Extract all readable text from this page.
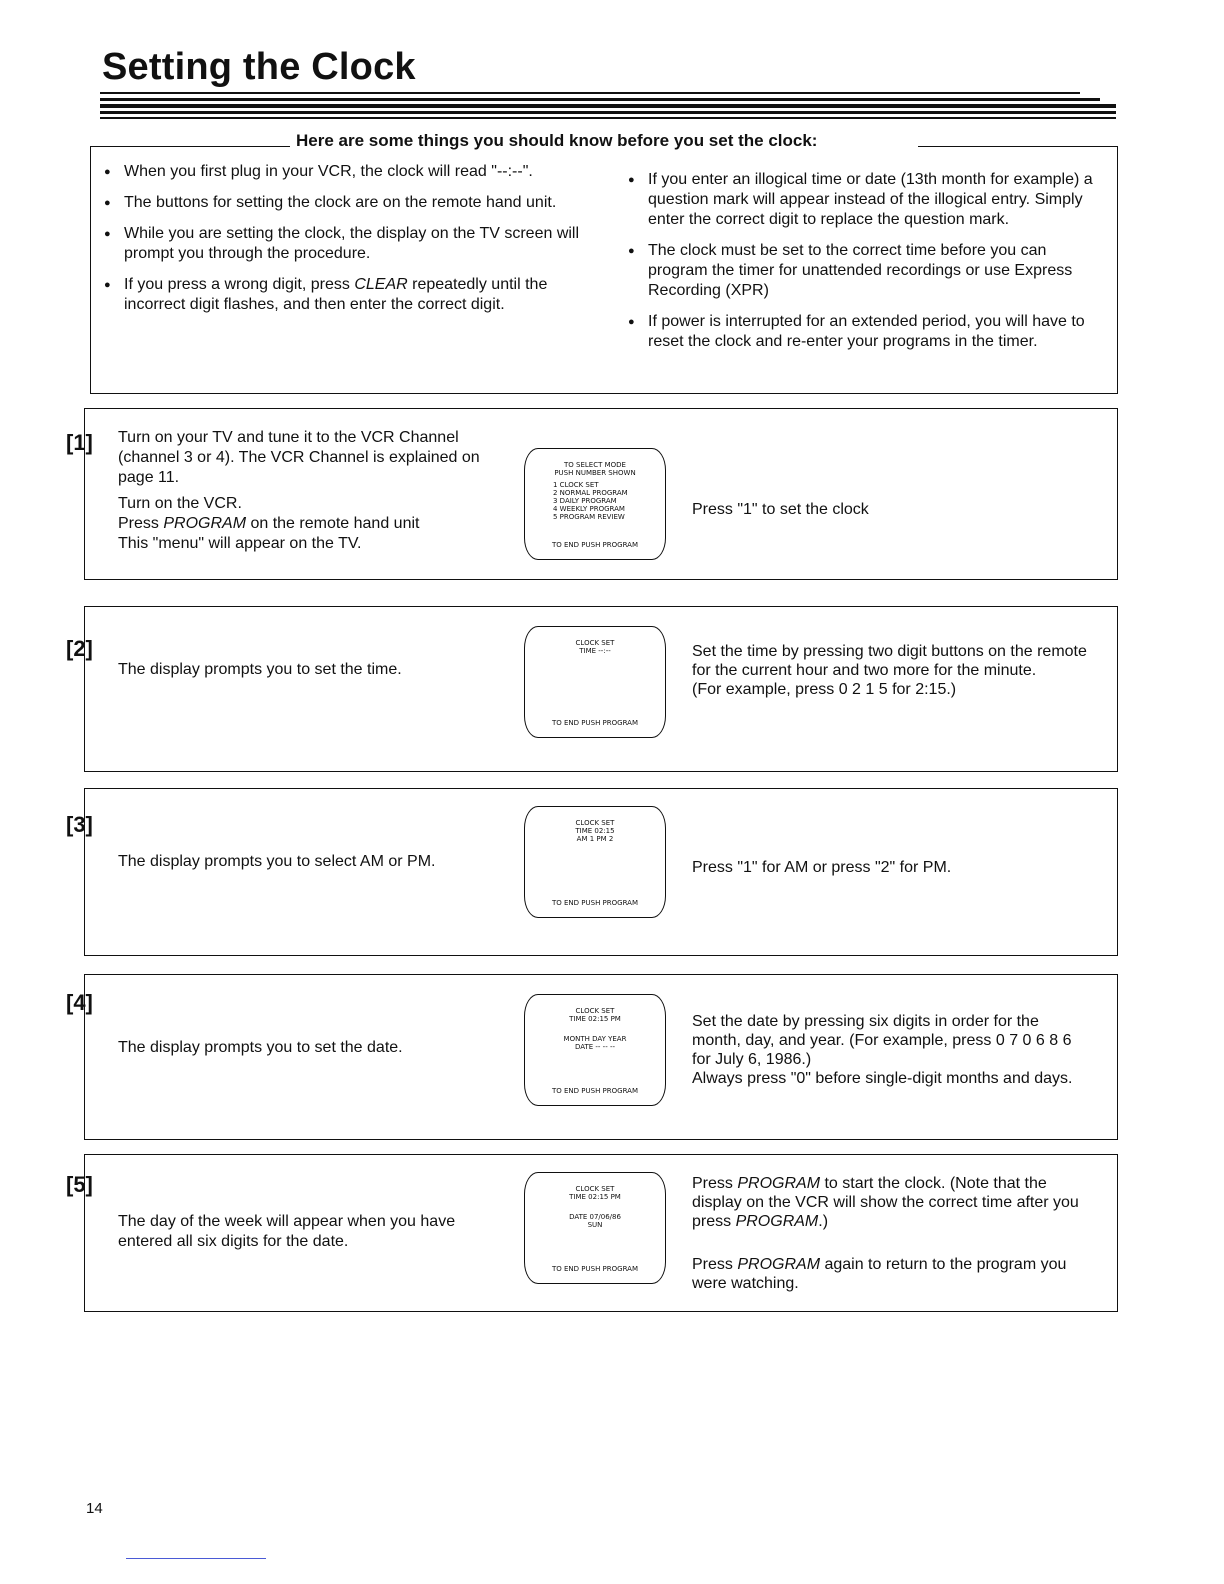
Setting the Clock
Here are some things you should know before you set the clock:
● When you first plug in your VCR, the clock will read "--:--".
● The buttons for setting the clock are on the remote hand unit.
● While you are setting the clock, the display on the TV screen will prompt you through the procedure.
● If you press a wrong digit, press CLEAR repeatedly until the incorrect digit flashes, and then enter the correct digit.
● If you enter an illogical time or date (13th month for example) a question mark will appear instead of the illogical entry. Simply enter the correct digit to replace the question mark.
● The clock must be set to the correct time before you can program the timer for unattended recordings or use Express Recording (XPR)
● If power is interrupted for an extended period, you will have to reset the clock and re-enter your programs in the timer.
[1] Turn on your TV and tune it to the VCR Channel (channel 3 or 4). The VCR Channel is explained on page 11.
Turn on the VCR.
Press PROGRAM on the remote hand unit
This "menu" will appear on the TV.
TO SELECT MODE
PUSH NUMBER SHOWN
1 CLOCK SET
2 NORMAL PROGRAM
3 DAILY PROGRAM
4 WEEKLY PROGRAM
5 PROGRAM REVIEW
TO END PUSH PROGRAM
Press "1" to set the clock
[2]
The display prompts you to set the time.
CLOCK SET
TIME --:--
TO END PUSH PROGRAM
Set the time by pressing two digit buttons on the remote for the current hour and two more for the minute.
(For example, press 0 2 1 5 for 2:15.)
[3]
The display prompts you to select AM or PM.
CLOCK SET
TIME 02:15
AM 1 PM 2
TO END PUSH PROGRAM
Press "1" for AM or press "2" for PM.
[4]
The display prompts you to set the date.
CLOCK SET
TIME 02:15 PM
MONTH DAY YEAR
DATE -- -- --
TO END PUSH PROGRAM
Set the date by pressing six digits in order for the month, day, and year. (For example, press 0 7 0 6 8 6 for July 6, 1986.)
Always press "0" before single-digit months and days.
[5]
The day of the week will appear when you have entered all six digits for the date.
CLOCK SET
TIME 02:15 PM
DATE 07/06/86
SUN
TO END PUSH PROGRAM
Press PROGRAM to start the clock. (Note that the display on the VCR will show the correct time after you press PROGRAM.)
Press PROGRAM again to return to the program you were watching.
14
